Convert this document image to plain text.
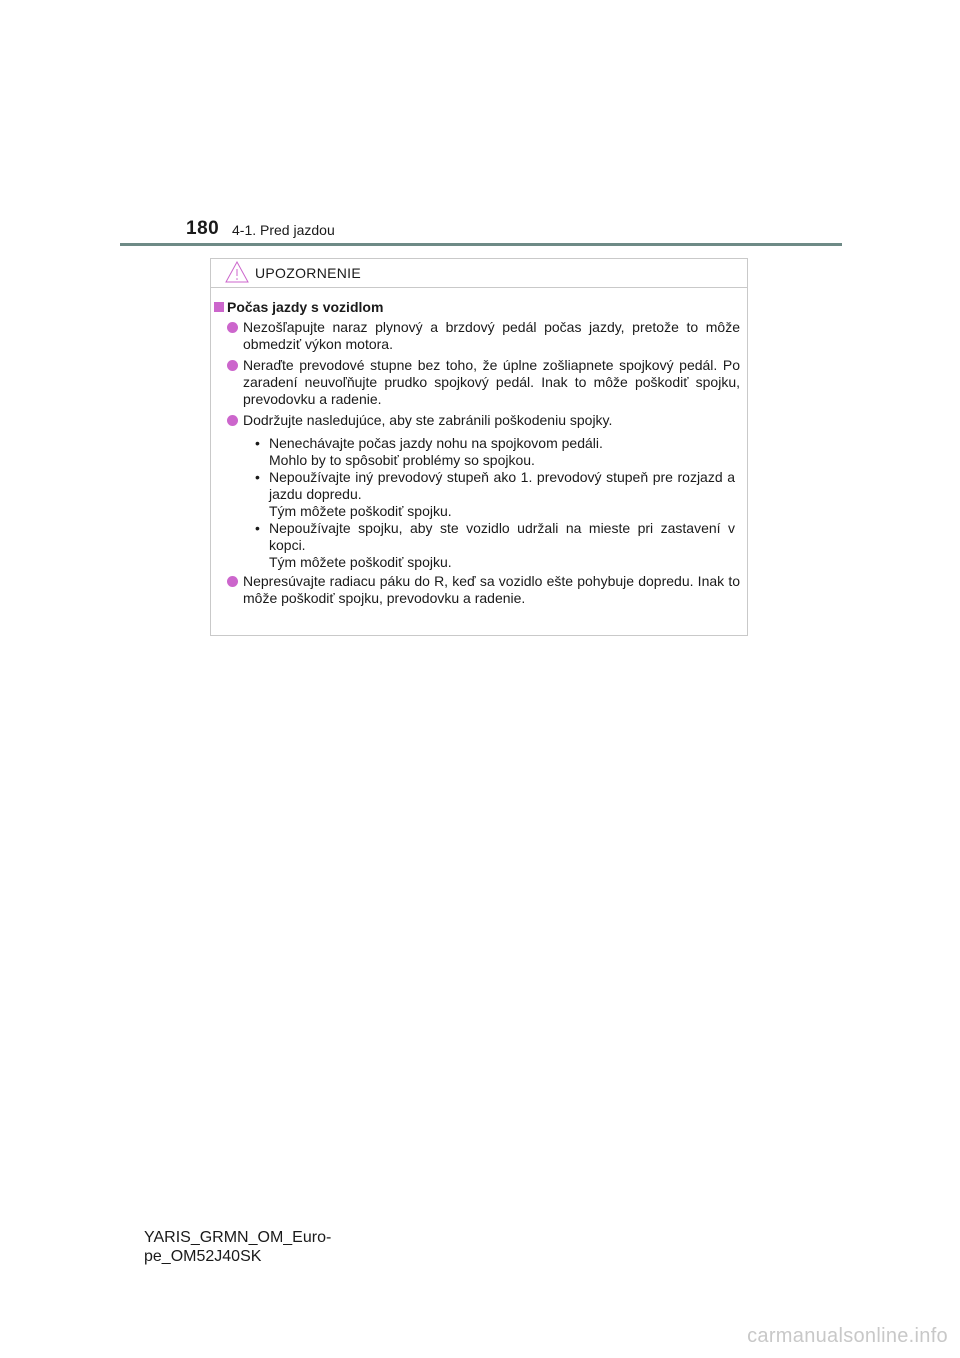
180 4-1. Pred jazdou
UPOZORNENIE
Počas jazdy s vozidlom
Nezošľapujte naraz plynový a brzdový pedál počas jazdy, pretože to môže obmedziť výkon motora.
Neraďte prevodové stupne bez toho, že úplne zošliapnete spojkový pedál. Po zaradení neuvoľňujte prudko spojkový pedál. Inak to môže poškodiť spojku, prevodovku a radenie.
Dodržujte nasledujúce, aby ste zabránili poškodeniu spojky.
• Nenechávajte počas jazdy nohu na spojkovom pedáli.
Mohlo by to spôsobiť problémy so spojkou.
• Nepoužívajte iný prevodový stupeň ako 1. prevodový stupeň pre rozjazd a jazdu dopredu.
Tým môžete poškodiť spojku.
• Nepoužívajte spojku, aby ste vozidlo udržali na mieste pri zastavení v kopci.
Tým môžete poškodiť spojku.
Nepresúvajte radiacu páku do R, keď sa vozidlo ešte pohybuje dopredu. Inak to môže poškodiť spojku, prevodovku a radenie.
YARIS_GRMN_OM_Euro-
pe_OM52J40SK
carmanualsonline.info
